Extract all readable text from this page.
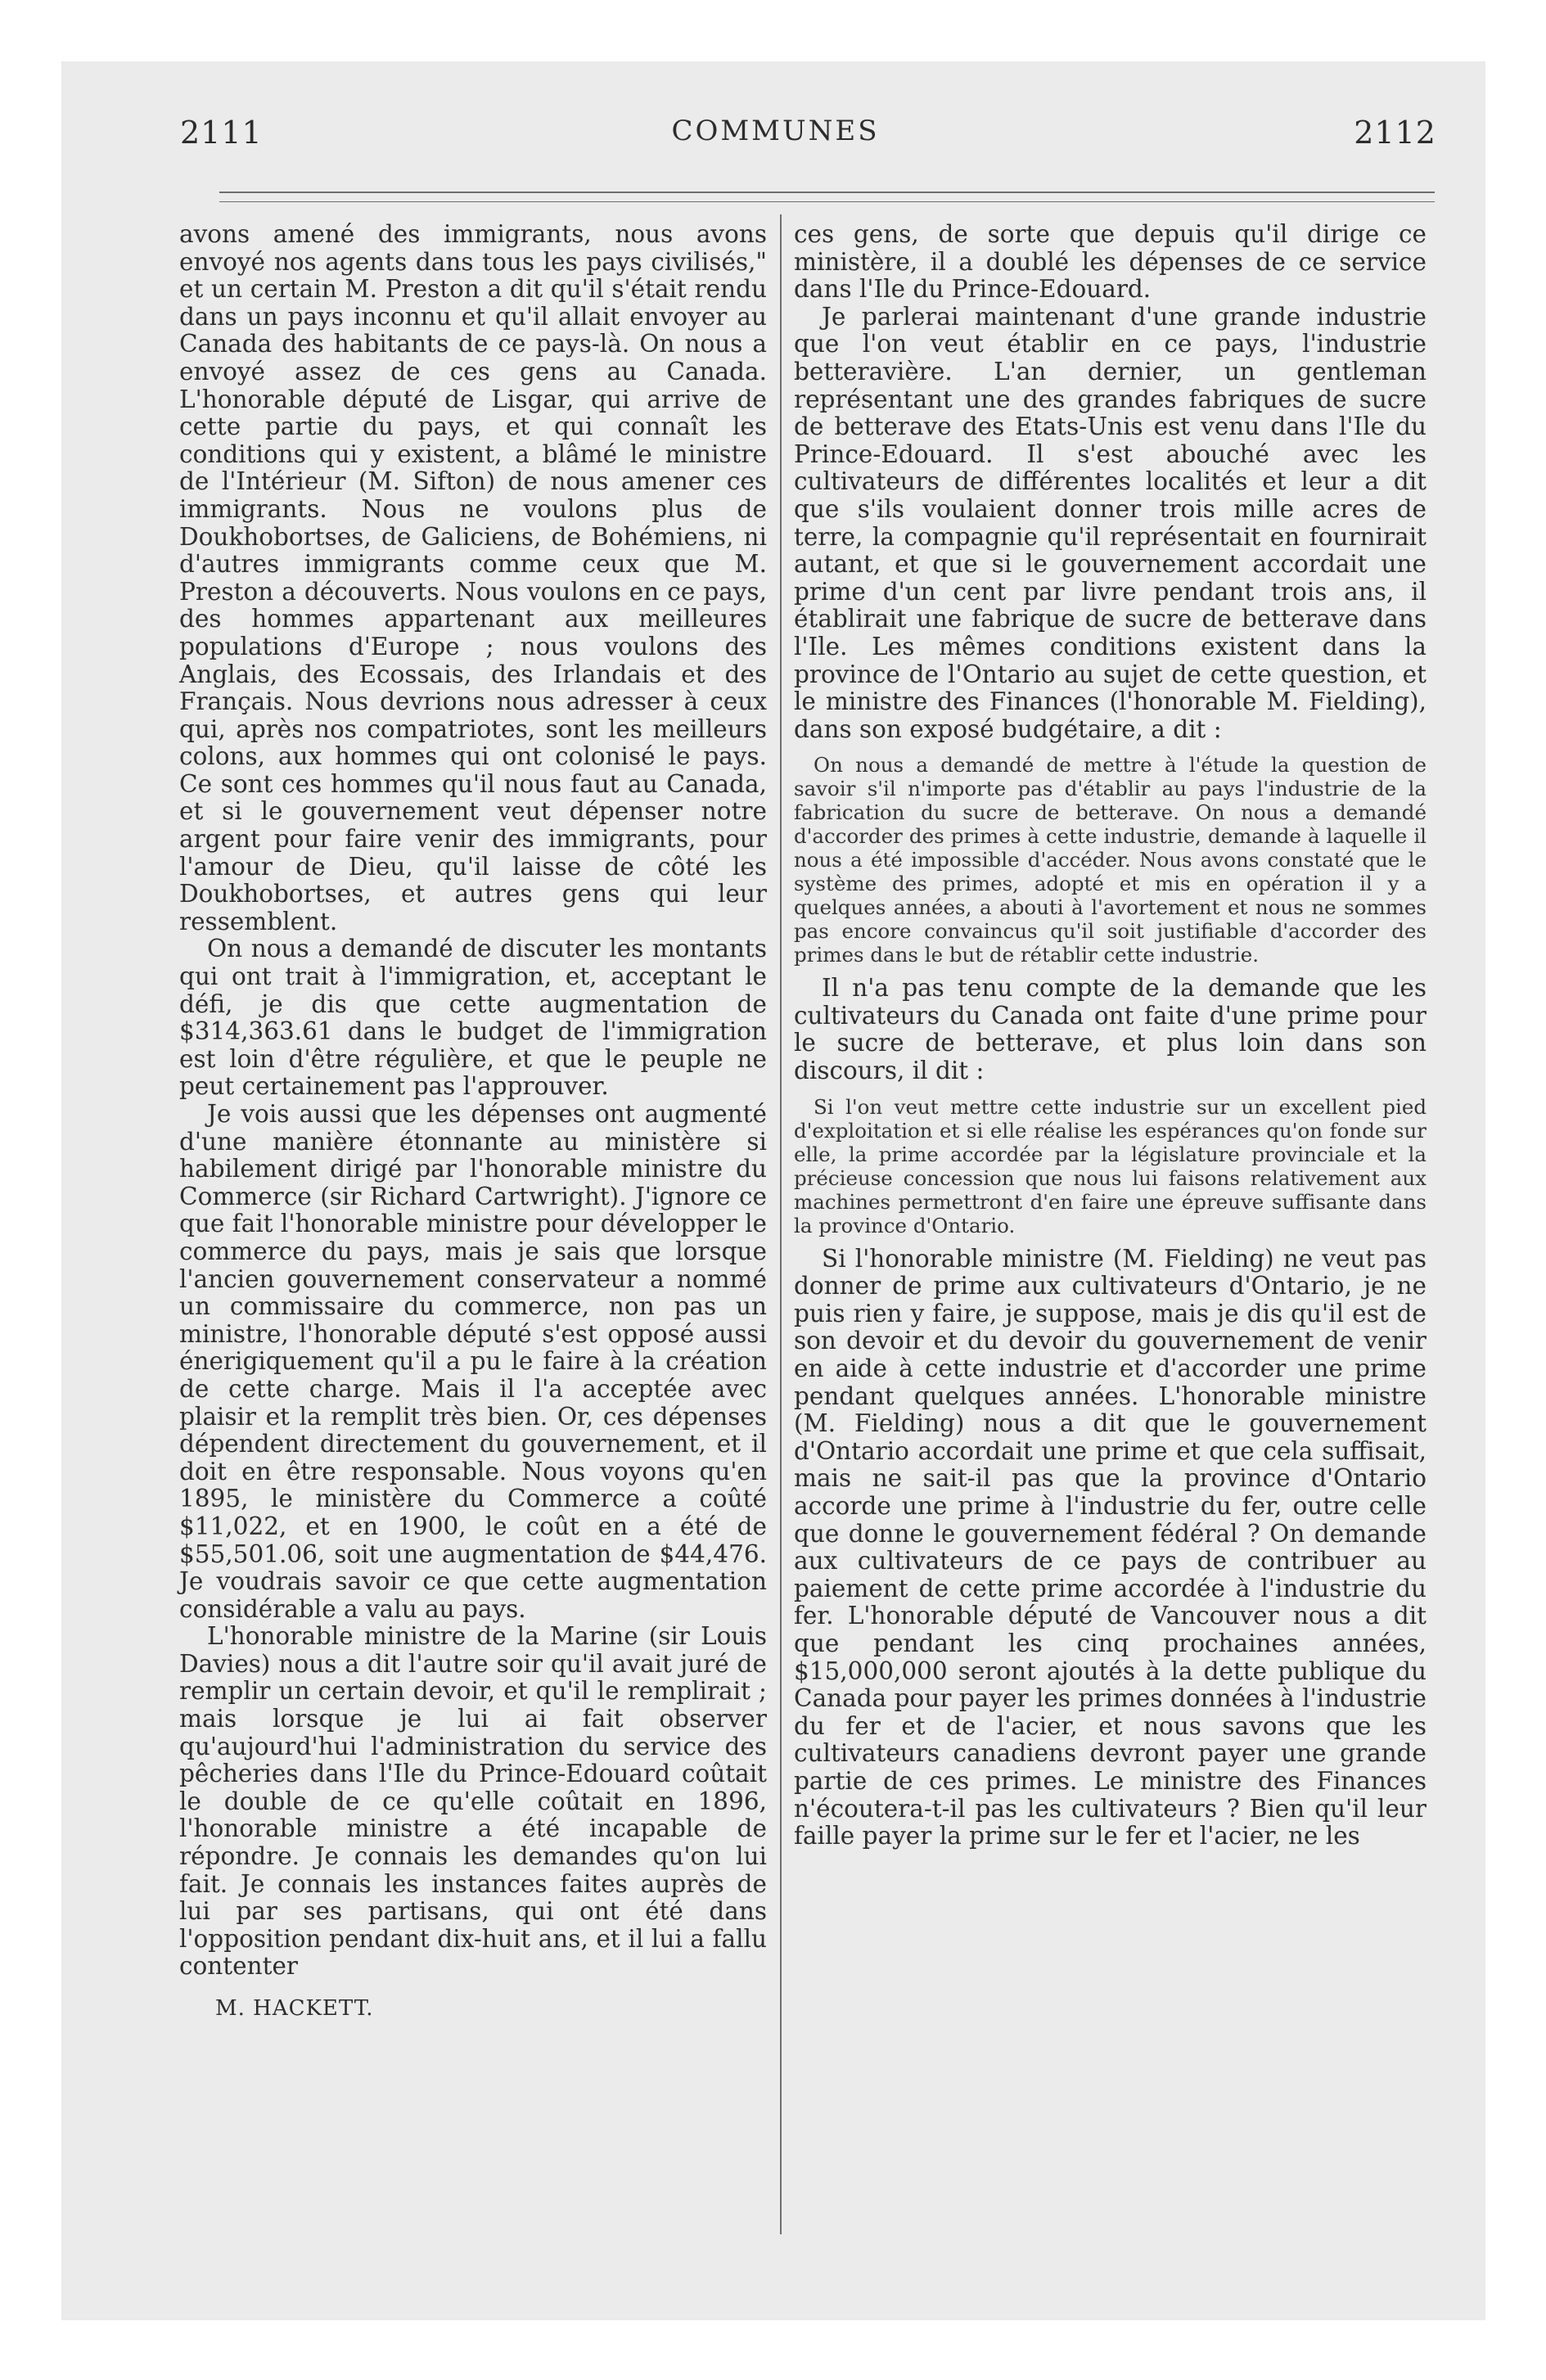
2111	COMMUNES	2112

avons amené des immigrants, nous avons envoyé nos agents dans tous les pays civilisés," et un certain M. Preston a dit qu'il s'était rendu dans un pays inconnu et qu'il allait envoyer au Canada des habitants de ce pays-là. On nous a envoyé assez de ces gens au Canada. L'honorable député de Lisgar, qui arrive de cette partie du pays, et qui connaît les conditions qui y existent, a blâmé le ministre de l'Intérieur (M. Sifton) de nous amener ces immigrants. Nous ne voulons plus de Doukhobortses, de Galiciens, de Bohémiens, ni d'autres immigrants comme ceux que M. Preston a découverts. Nous voulons en ce pays, des hommes appartenant aux meilleures populations d'Europe ; nous voulons des Anglais, des Ecossais, des Irlandais et des Français. Nous devrions nous adresser à ceux qui, après nos compatriotes, sont les meilleurs colons, aux hommes qui ont colonisé le pays. Ce sont ces hommes qu'il nous faut au Canada, et si le gouvernement veut dépenser notre argent pour faire venir des immigrants, pour l'amour de Dieu, qu'il laisse de côté les Doukhobortses, et autres gens qui leur ressemblent.

On nous a demandé de discuter les montants qui ont trait à l'immigration, et, acceptant le défi, je dis que cette augmentation de $314,363.61 dans le budget de l'immigration est loin d'être régulière, et que le peuple ne peut certainement pas l'approuver.

Je vois aussi que les dépenses ont augmenté d'une manière étonnante au ministère si habilement dirigé par l'honorable ministre du Commerce (sir Richard Cartwright). J'ignore ce que fait l'honorable ministre pour développer le commerce du pays, mais je sais que lorsque l'ancien gouvernement conservateur a nommé un commissaire du commerce, non pas un ministre, l'honorable député s'est opposé aussi énerigiquement qu'il a pu le faire à la création de cette charge. Mais il l'a acceptée avec plaisir et la remplit très bien. Or, ces dépenses dépendent directement du gouvernement, et il doit en être responsable. Nous voyons qu'en 1895, le ministère du Commerce a coûté $11,022, et en 1900, le coût en a été de $55,501.06, soit une augmentation de $44,476. Je voudrais savoir ce que cette augmentation considérable a valu au pays.

L'honorable ministre de la Marine (sir Louis Davies) nous a dit l'autre soir qu'il avait juré de remplir un certain devoir, et qu'il le remplirait ; mais lorsque je lui ai fait observer qu'aujourd'hui l'administration du service des pêcheries dans l'Ile du Prince-Edouard coûtait le double de ce qu'elle coûtait en 1896, l'honorable ministre a été incapable de répondre. Je connais les demandes qu'on lui fait. Je connais les instances faites auprès de lui par ses partisans, qui ont été dans l'opposition pendant dix-huit ans, et il lui a fallu contenter

M. HACKETT.

ces gens, de sorte que depuis qu'il dirige ce ministère, il a doublé les dépenses de ce service dans l'Ile du Prince-Edouard.

Je parlerai maintenant d'une grande industrie que l'on veut établir en ce pays, l'industrie betteravière. L'an dernier, un gentleman représentant une des grandes fabriques de sucre de betterave des Etats-Unis est venu dans l'Ile du Prince-Edouard. Il s'est abouché avec les cultivateurs de différentes localités et leur a dit que s'ils voulaient donner trois mille acres de terre, la compagnie qu'il représentait en fournirait autant, et que si le gouvernement accordait une prime d'un cent par livre pendant trois ans, il établirait une fabrique de sucre de betterave dans l'Ile. Les mêmes conditions existent dans la province de l'Ontario au sujet de cette question, et le ministre des Finances (l'honorable M. Fielding), dans son exposé budgétaire, a dit :

On nous a demandé de mettre à l'étude la question de savoir s'il n'importe pas d'établir au pays l'industrie de la fabrication du sucre de betterave. On nous a demandé d'accorder des primes à cette industrie, demande à laquelle il nous a été impossible d'accéder. Nous avons constaté que le système des primes, adopté et mis en opération il y a quelques années, a abouti à l'avortement et nous ne sommes pas encore convaincus qu'il soit justifiable d'accorder des primes dans le but de rétablir cette industrie.

Il n'a pas tenu compte de la demande que les cultivateurs du Canada ont faite d'une prime pour le sucre de betterave, et plus loin dans son discours, il dit :

Si l'on veut mettre cette industrie sur un excellent pied d'exploitation et si elle réalise les espérances qu'on fonde sur elle, la prime accordée par la législature provinciale et la précieuse concession que nous lui faisons relativement aux machines permettront d'en faire une épreuve suffisante dans la province d'Ontario.

Si l'honorable ministre (M. Fielding) ne veut pas donner de prime aux cultivateurs d'Ontario, je ne puis rien y faire, je suppose, mais je dis qu'il est de son devoir et du devoir du gouvernement de venir en aide à cette industrie et d'accorder une prime pendant quelques années. L'honorable ministre (M. Fielding) nous a dit que le gouvernement d'Ontario accordait une prime et que cela suffisait, mais ne sait-il pas que la province d'Ontario accorde une prime à l'industrie du fer, outre celle que donne le gouvernement fédéral ? On demande aux cultivateurs de ce pays de contribuer au paiement de cette prime accordée à l'industrie du fer. L'honorable député de Vancouver nous a dit que pendant les cinq prochaines années, $15,000,000 seront ajoutés à la dette publique du Canada pour payer les primes données à l'industrie du fer et de l'acier, et nous savons que les cultivateurs canadiens devront payer une grande partie de ces primes. Le ministre des Finances n'écoutera-t-il pas les cultivateurs ? Bien qu'il leur faille payer la prime sur le fer et l'acier, ne les
